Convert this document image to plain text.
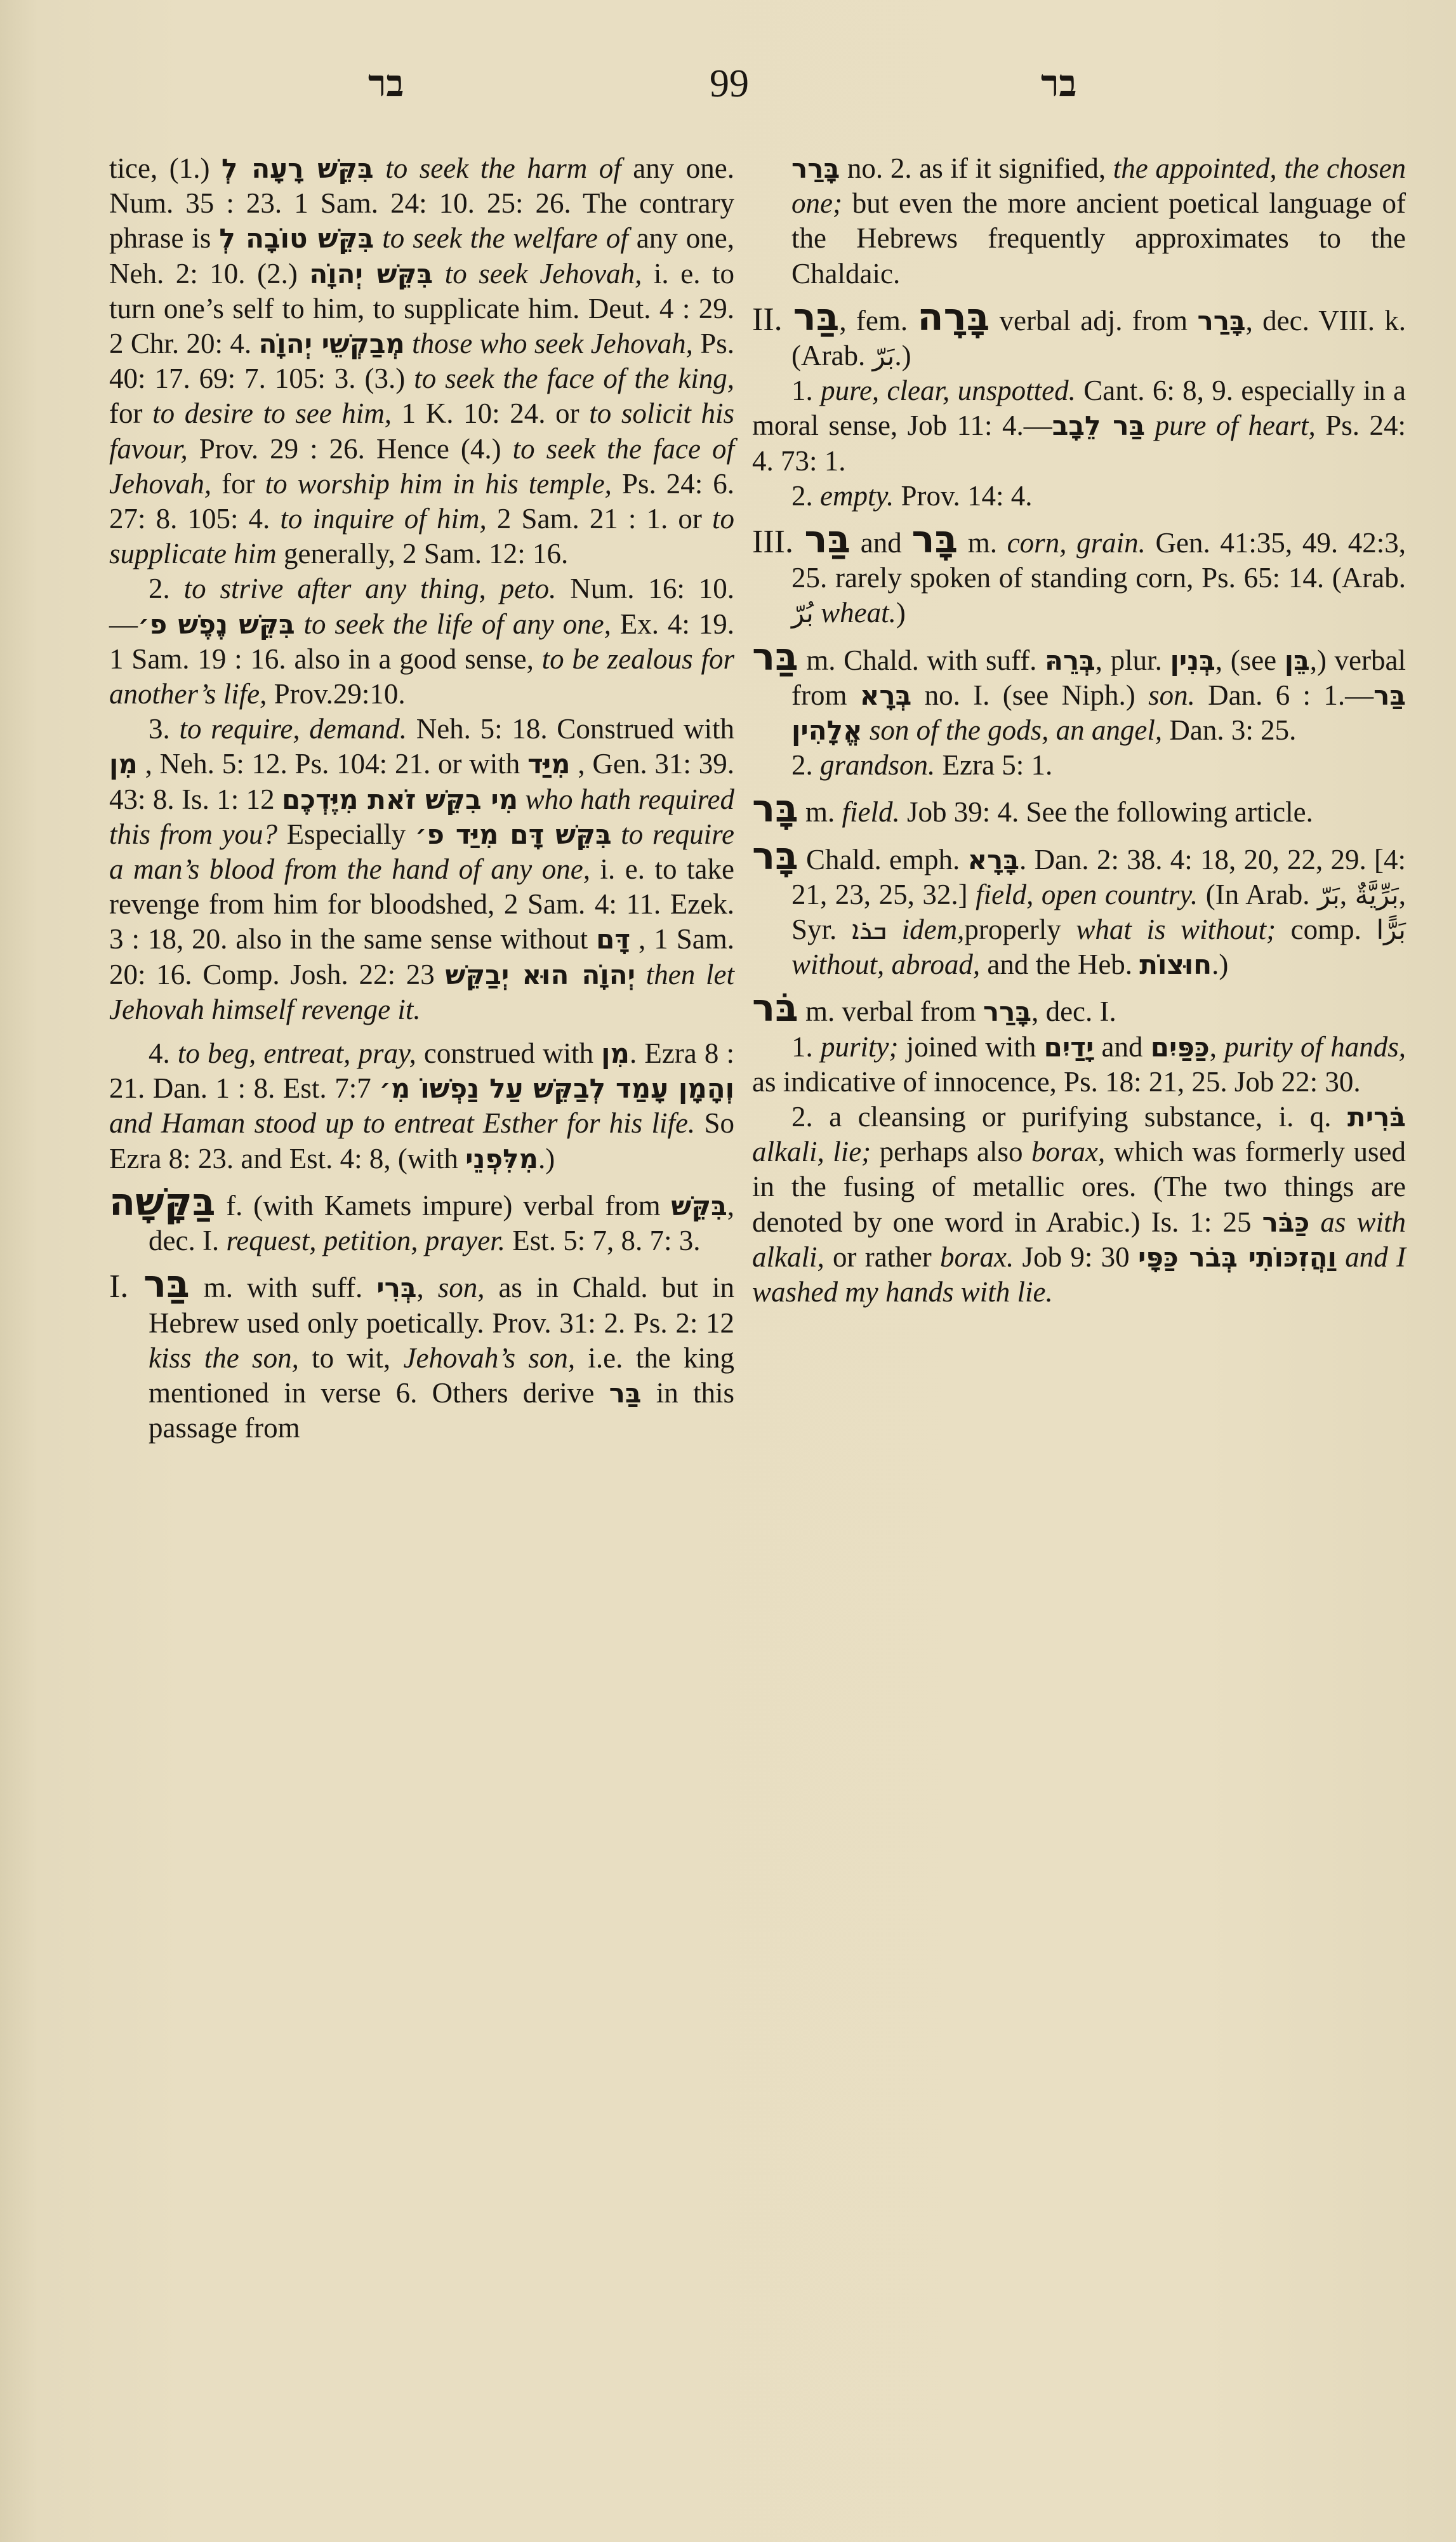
בר	99	בר

tice, (1.) בִּקֵּשׁ רָעָה לְ to seek the harm of any one. Num. 35 : 23. 1 Sam. 24: 10. 25: 26. The contrary phrase is בִּקֵּשׁ טוֹבָה לְ to seek the welfare of any one, Neh. 2: 10. (2.) בִּקֵּשׁ יְהוָֹה to seek Jehovah, i. e. to turn one’s self to him, to supplicate him. Deut. 4 : 29. 2 Chr. 20: 4. מְבַקְשֵׁי יְהוָֹה those who seek Jehovah, Ps. 40: 17. 69: 7. 105: 3. (3.) to seek the face of the king, for to desire to see him, 1 K. 10: 24. or to solicit his favour, Prov. 29 : 26. Hence (4.) to seek the face of Jehovah, for to worship him in his temple, Ps. 24: 6. 27: 8. 105: 4. to inquire of him, 2 Sam. 21 : 1. or to supplicate him generally, 2 Sam. 12: 16.

2. to strive after any thing, peto. Num. 16: 10.—בִּקֵּשׁ נֶפֶשׁ פ׳ to seek the life of any one, Ex. 4: 19. 1 Sam. 19 : 16. also in a good sense, to be zealous for another’s life, Prov.29:10.

3. to require, demand. Neh. 5: 18. Construed with מִן , Neh. 5: 12. Ps. 104: 21. or with מִיַּד , Gen. 31: 39. 43: 8. Is. 1: 12 מִי בִקֵּשׁ זֹאת מִיֶּדְכֶם who hath required this from you? Especially בִּקֵּשׁ דָּם מִיַּד פ׳ to require a man’s blood from the hand of any one, i. e. to take revenge from him for bloodshed, 2 Sam. 4: 11. Ezek. 3 : 18, 20. also in the same sense without דָּם , 1 Sam. 20: 16. Comp. Josh. 22: 23 יְהוָֹה הוּא יְבַקֵּשׁ then let Jehovah himself revenge it.

4. to beg, entreat, pray, construed with מִן. Ezra 8 : 21. Dan. 1 : 8. Est. 7:7 וְהָמָן עָמַד לְבַקֵּשׁ עַל נַפְשׁוֹ מִ׳ and Haman stood up to entreat Esther for his life. So Ezra 8: 23. and Est. 4: 8, (with מִלִּפְנֵי.)

בַּקָּשָׁה f. (with Kamets impure) verbal from בִּקֵּשׁ, dec. I. request, petition, prayer. Est. 5: 7, 8. 7: 3.

I. בַּר m. with suff. בְּרִי, son, as in Chald. but in Hebrew used only poetically. Prov. 31: 2. Ps. 2: 12 kiss the son, to wit, Jehovah’s son, i.e. the king mentioned in verse 6. Others derive בַּר in this passage from

בָּרַר no. 2. as if it signified, the appointed, the chosen one; but even the more ancient poetical language of the Hebrews frequently approximates to the Chaldaic.

II. בַּר, fem. בָּרָה verbal adj. from בָּרַר, dec. VIII. k. (Arab. بَرّ.)

1. pure, clear, unspotted. Cant. 6: 8, 9. especially in a moral sense, Job 11: 4.—בַּר לֵבָב pure of heart, Ps. 24: 4. 73: 1.

2. empty. Prov. 14: 4.

III. בַּר and בָּר m. corn, grain. Gen. 41:35, 49. 42:3, 25. rarely spoken of standing corn, Ps. 65: 14. (Arab. بُرّ wheat.)

בַּר m. Chald. with suff. בְּרֵהּ, plur. בְּנִין, (see בֵּן,) verbal from בְּרָא no. I. (see Niph.) son. Dan. 6 : 1.—בַּר אֱלָהִין son of the gods, an angel, Dan. 3: 25.

2. grandson. Ezra 5: 1.

בָּר m. field. Job 39: 4. See the following article.

בָּר Chald. emph. בָּרָא. Dan. 2: 38. 4: 18, 20, 22, 29. [4: 21, 23, 25, 32.] field, open country. (In Arab. بَرّ, بَرِّيَّةٌ, Syr. ܒܪܐ idem,properly what is without; comp. بَرًّا without, abroad, and the Heb. חוּצוֹת.)

בֹּר m. verbal from בָּרַר, dec. I.

1. purity; joined with יָדַיִם and כַּפַּיִם, purity of hands, as indicative of innocence, Ps. 18: 21, 25. Job 22: 30.

2. a cleansing or purifying substance, i. q. בֹּרִית alkali, lie; perhaps also borax, which was formerly used in the fusing of metallic ores. (The two things are denoted by one word in Arabic.) Is. 1: 25 כַּבֹּר as with alkali, or rather borax. Job 9: 30 וַהֲזִכּוֹתִי בְּבֹר כַּפָּי and I washed my hands with lie.
